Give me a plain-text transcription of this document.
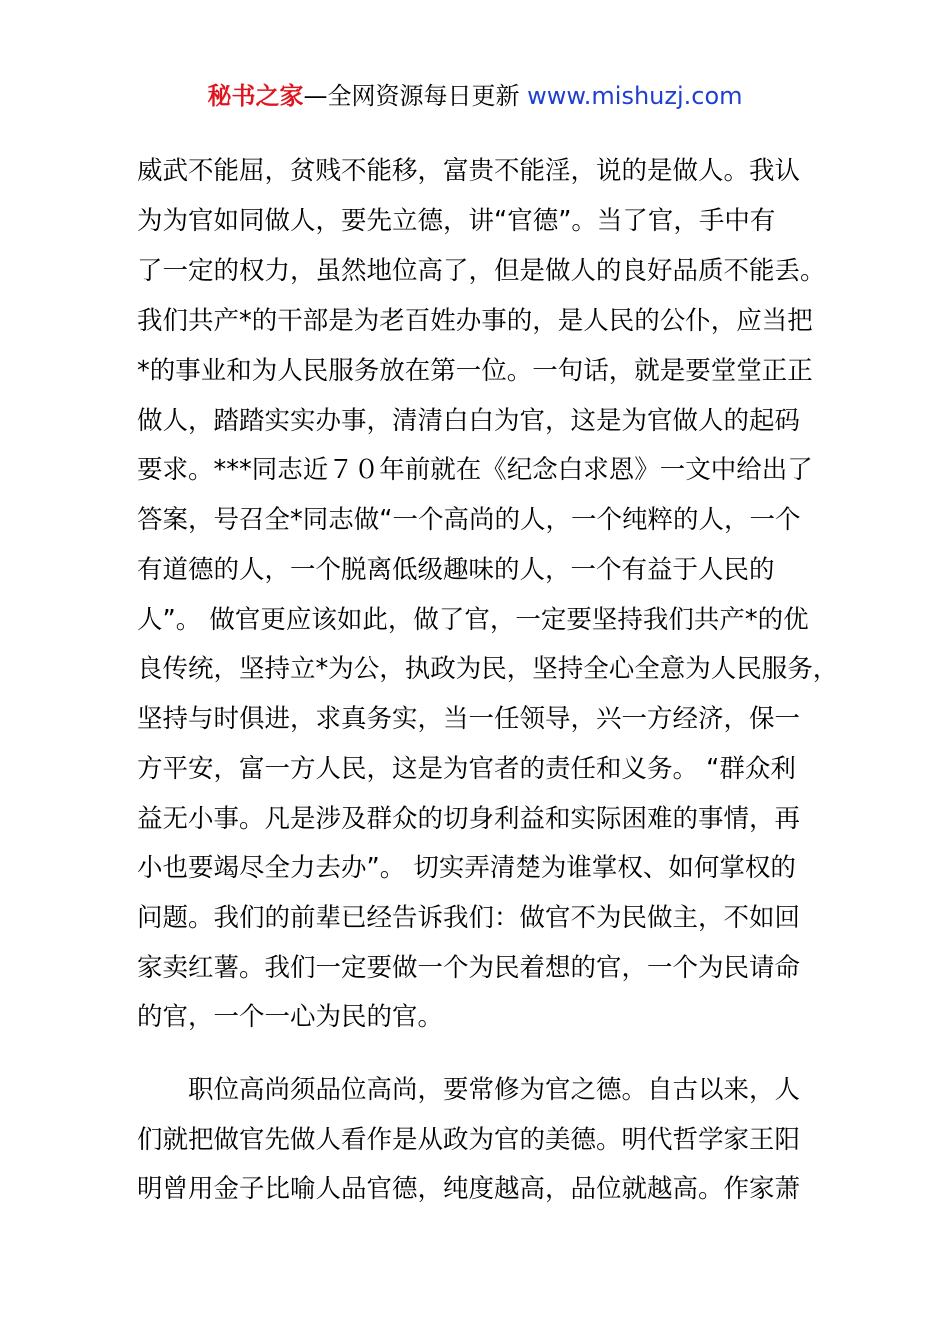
秘书之家—全网资源每日更新 www.mishuzj.com
威武不能屈，贫贱不能移，富贵不能淫，说的是做人。我认
为为官如同做人，要先立德，讲“官德”。当了官，手中有
了一定的权力，虽然地位高了，但是做人的良好品质不能丢。
我们共产*的干部是为老百姓办事的，是人民的公仆，应当把
*的事业和为人民服务放在第一位。一句话，就是要堂堂正正
做人，踏踏实实办事，清清白白为官，这是为官做人的起码
要求。***同志近７０年前就在《纪念白求恩》一文中给出了
答案，号召全*同志做“一个高尚的人，一个纯粹的人，一个
有道德的人，一个脱离低级趣味的人，一个有益于人民的
人”。 做官更应该如此，做了官，一定要坚持我们共产*的优
良传统，坚持立*为公，执政为民，坚持全心全意为人民服务，
坚持与时俱进，求真务实，当一任领导，兴一方经济，保一
方平安，富一方人民，这是为官者的责任和义务。 “群众利
益无小事。凡是涉及群众的切身利益和实际困难的事情，再
小也要竭尽全力去办”。 切实弄清楚为谁掌权、如何掌权的
问题。我们的前辈已经告诉我们：做官不为民做主，不如回
家卖红薯。我们一定要做一个为民着想的官，一个为民请命
的官，一个一心为民的官。
　　职位高尚须品位高尚，要常修为官之德。自古以来，人
们就把做官先做人看作是从政为官的美德。明代哲学家王阳
明曾用金子比喻人品官德，纯度越高，品位就越高。作家萧
